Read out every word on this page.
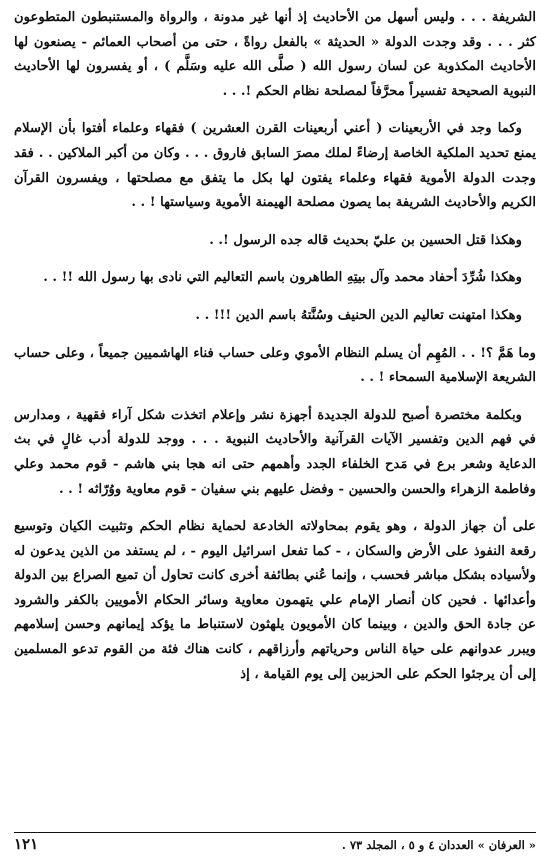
الشريفة . . . وليس أسهل من الأحاديث إذ أنها غير مدونة ، والرواة والمستنبطون المتطوعون كثر . . . وقد وجدت الدولة « الحديثة » بالفعل رواةً ، حتى من أصحاب العمائم - يصنعون لها الأحاديث المكذوبة عن لسان رسول الله ( صلَّى الله عليه وسَلَّم ) ، أو يفسرون لها الأحاديث النبوية الصحيحة تفسيراً محرَّفاً لمصلحة نظام الحكم !. . .

وكما وجد في الأربعينات ( أعني أربعينات القرن العشرين ) فقهاء وعلماء أفتوا بأن الإسلام يمنع تحديد الملكية الخاصة إرضاءً لملك مصرَ السابق فاروق . . . وكان من أكبر الملاكين . . فقد وجدت الدولة الأموية فقهاء وعلماء يفتون لها بكل ما يتفق مع مصلحتها ، ويفسرون القرآن الكريم والأحاديث الشريفة بما يصون مصلحة الهيمنة الأموية وسياستها ! . .

وهكذا قتل الحسين بن عليّ بحديث قاله جده الرسول !. .

وهكذا شُرِّدَ أحفاد محمد وآل بيتِهِ الطاهرون باسم التعاليم التي نادى بها رسول الله !! . .

وهكذا امتهنت تعاليم الدين الحنيف وسُنَّتهُ باسم الدين !!! . .

وما هَمَّ ؟! . . المُهِم أن يسلم النظام الأموي وعلى حساب فناء الهاشميين جميعاً ، وعلى حساب الشريعة الإسلامية السمحاء ! . .

وبكلمة مختصرة أصبح للدولة الجديدة أجهزة نشر وإعلام اتخذت شكل آراء فقهية ، ومدارس في فهم الدين وتفسير الآيات القرآنية والأحاديث النبوية . . . ووجد للدولة أدب غالٍ في بث الدعاية وشعر برع في مَدح الخلفاء الجدد وأهمهم حتى انه هجا بني هاشم - قوم محمد وعلي وفاطمة الزهراء والحسن والحسين - وفضل عليهم بني سفيان - قوم معاوية ووُرّاثه ! . .

على أن جهاز الدولة ، وهو يقوم بمحاولاته الخادعة لحماية نظام الحكم وتثبيت الكيان وتوسيع رقعة النفوذ على الأرض والسكان ، - كما تفعل اسرائيل اليوم - ، لم يستفد من الذين يدعون له ولأسياده بشكل مباشر فحسب ، وإنما عُني بطائفة أخرى كانت تحاول أن تميع الصراع بين الدولة وأعدائها . فحين كان أنصار الإمام علي يتهمون معاوية وسائر الحكام الأمويين بالكفر والشرود عن جادة الحق والدين ، وبينما كان الأمويون يلهثون لاستنباط ما يؤكد إيمانهم وحسن إسلامهم ويبرر عدوانهم على حياة الناس وحرياتهم وأرزاقهم ، كانت هناك فئة من القوم تدعو المسلمين إلى أن يرجئوا الحكم على الحزبين إلى يوم القيامة ، إذ

« العرفان » العددان ٤ و ٥ ، المجلد ٧٣ .
١٢١
